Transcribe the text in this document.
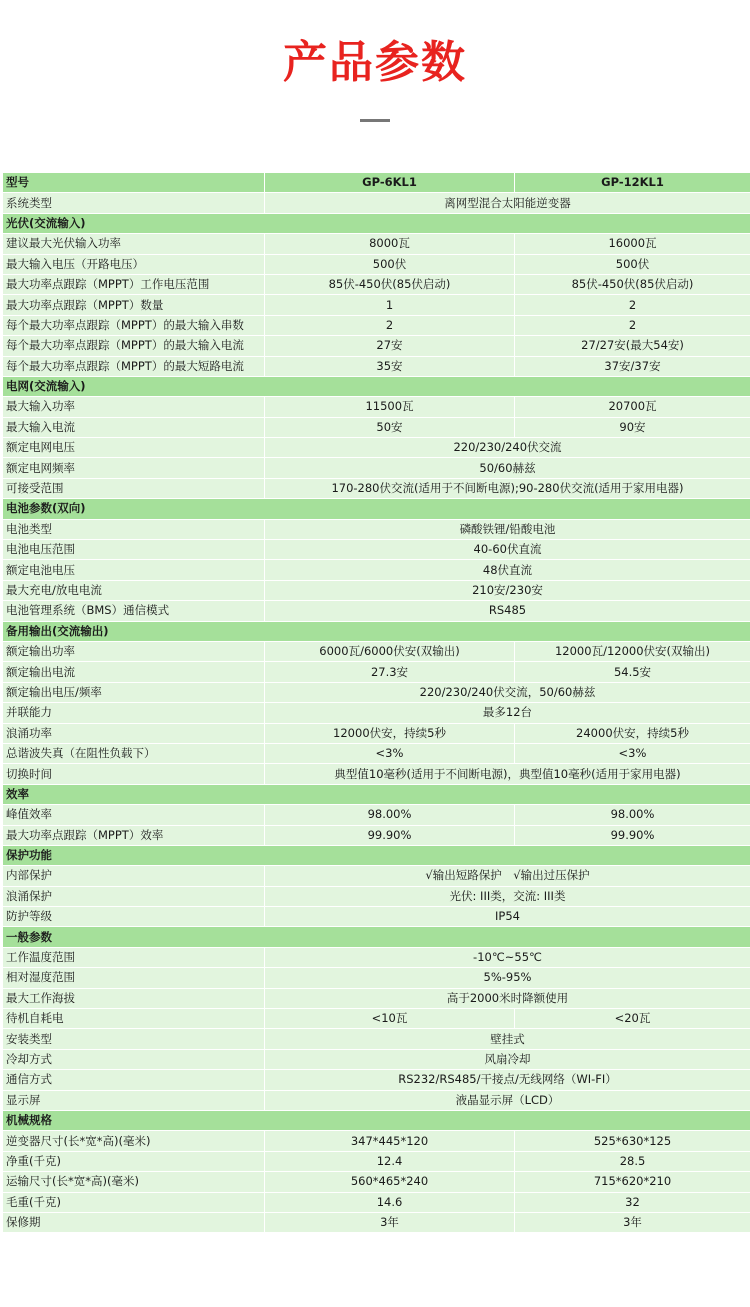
产品参数
型号	GP-6KL1	GP-12KL1
系统类型	离网型混合太阳能逆变器	
光伏(交流输入)		
建议最大光伏输入功率	8000瓦	16000瓦
最大输入电压（开路电压）	500伏	500伏
最大功率点跟踪（MPPT）工作电压范围	85伏-450伏(85伏启动)	85伏-450伏(85伏启动)
最大功率点跟踪（MPPT）数量	1	2
每个最大功率点跟踪（MPPT）的最大输入串数	2	2
每个最大功率点跟踪（MPPT）的最大输入电流	27安	27/27安(最大54安)
每个最大功率点跟踪（MPPT）的最大短路电流	35安	37安/37安
电网(交流输入)		
最大输入功率	11500瓦	20700瓦
最大输入电流	50安	90安
额定电网电压	220/230/240伏交流	
额定电网频率	50/60赫兹	
可接受范围	170-280伏交流(适用于不间断电源);90-280伏交流(适用于家用电器)	
电池参数(双向)		
电池类型	磷酸铁锂/铅酸电池	
电池电压范围	40-60伏直流	
额定电池电压	48伏直流	
最大充电/放电电流	210安/230安	
电池管理系统（BMS）通信模式	RS485	
备用输出(交流输出)		
额定输出功率	6000瓦/6000伏安(双输出)	12000瓦/12000伏安(双输出)
额定输出电流	27.3安	54.5安
额定输出电压/频率	220/230/240伏交流，50/60赫兹	
并联能力	最多12台	
浪涌功率	12000伏安，持续5秒	24000伏安，持续5秒
总谐波失真（在阻性负载下）	<3%	<3%
切换时间	典型值10毫秒(适用于不间断电源)，典型值10毫秒(适用于家用电器)	
效率		
峰值效率	98.00%	98.00%
最大功率点跟踪（MPPT）效率	99.90%	99.90%
保护功能		
内部保护	√输出短路保护　√输出过压保护	
浪涌保护	光伏: III类，交流: III类	
防护等级	IP54	
一般参数		
工作温度范围	-10℃~55℃	
相对湿度范围	5%-95%	
最大工作海拔	高于2000米时降额使用	
待机自耗电	<10瓦	<20瓦
安装类型	壁挂式	
冷却方式	风扇冷却	
通信方式	RS232/RS485/干接点/无线网络（WI-FI）	
显示屏	液晶显示屏（LCD）	
机械规格		
逆变器尺寸(长*宽*高)(毫米)	347*445*120	525*630*125
净重(千克)	12.4	28.5
运输尺寸(长*宽*高)(毫米)	560*465*240	715*620*210
毛重(千克)	14.6	32
保修期	3年	3年
